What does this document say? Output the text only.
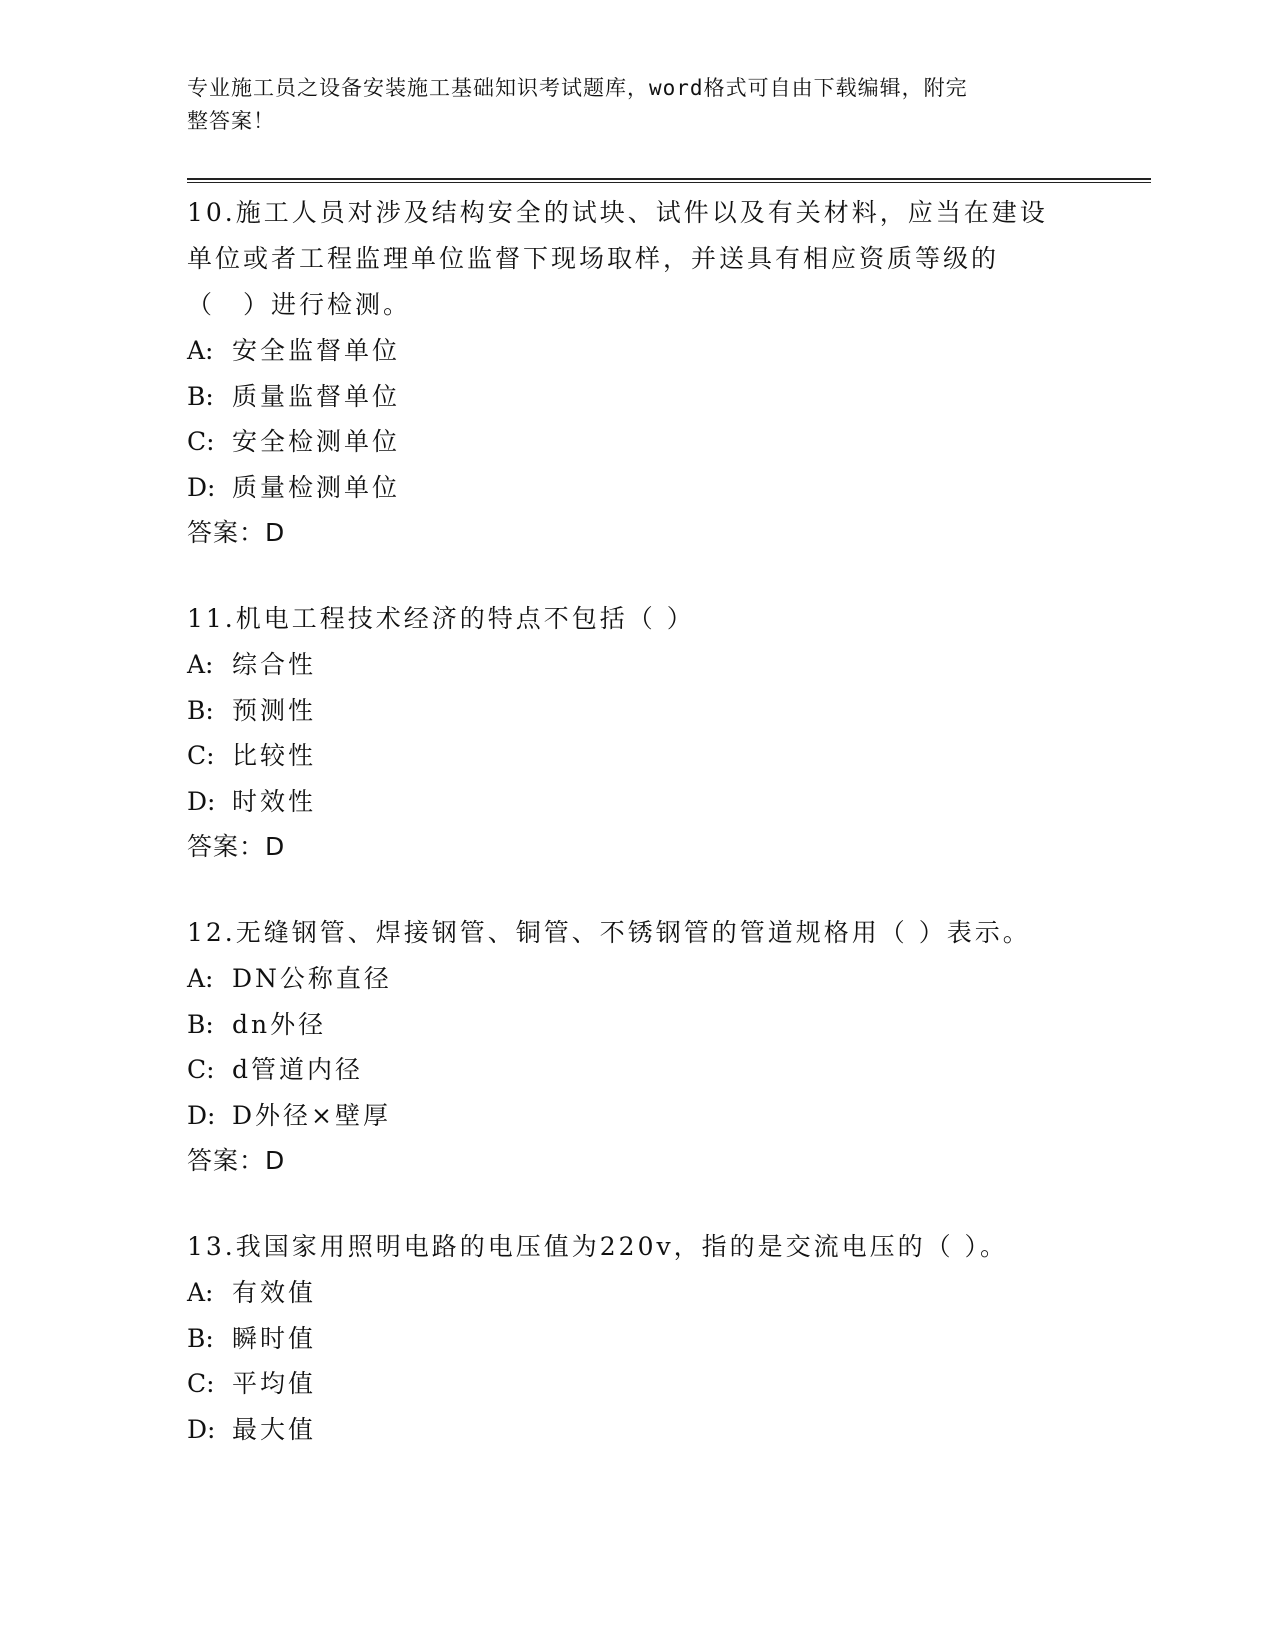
专业施工员之设备安装施工基础知识考试题库，word格式可自由下载编辑，附完
整答案！

10.施工人员对涉及结构安全的试块、试件以及有关材料，应当在建设单位或者工程监理单位监督下现场取样，并送具有相应资质等级的（　）进行检测。

A: 安全监督单位

B: 质量监督单位

C: 安全检测单位

D: 质量检测单位

答案：D

11.机电工程技术经济的特点不包括（ ）

A: 综合性

B: 预测性

C: 比较性

D: 时效性

答案：D

12.无缝钢管、焊接钢管、铜管、不锈钢管的管道规格用（ ）表示。

A: DN公称直径

B: dn外径

C: d管道内径

D: D外径×壁厚

答案：D

13.我国家用照明电路的电压值为220v，指的是交流电压的（ ）。

A: 有效值

B: 瞬时值

C: 平均值

D: 最大值
